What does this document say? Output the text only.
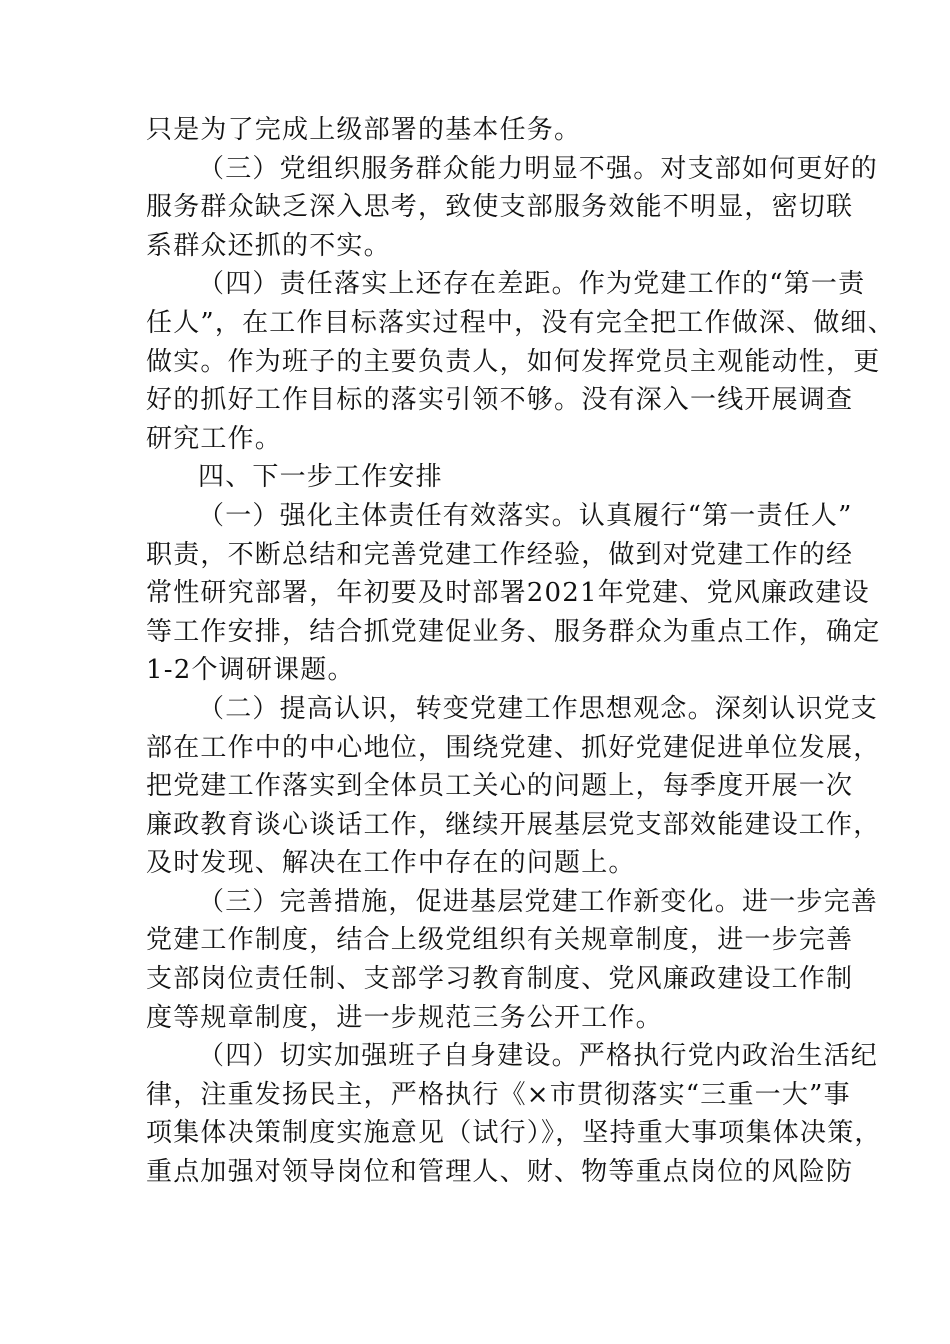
只是为了完成上级部署的基本任务。

（三）党组织服务群众能力明显不强。对支部如何更好的
服务群众缺乏深入思考，致使支部服务效能不明显，密切联
系群众还抓的不实。

（四）责任落实上还存在差距。作为党建工作的“第一责
任人”，在工作目标落实过程中，没有完全把工作做深、做细、
做实。作为班子的主要负责人，如何发挥党员主观能动性，更
好的抓好工作目标的落实引领不够。没有深入一线开展调查
研究工作。

四、下一步工作安排

（一）强化主体责任有效落实。认真履行“第一责任人”
职责，不断总结和完善党建工作经验，做到对党建工作的经
常性研究部署，年初要及时部署2021年党建、党风廉政建设
等工作安排，结合抓党建促业务、服务群众为重点工作，确定
1-2个调研课题。

（二）提高认识，转变党建工作思想观念。深刻认识党支
部在工作中的中心地位，围绕党建、抓好党建促进单位发展，
把党建工作落实到全体员工关心的问题上，每季度开展一次
廉政教育谈心谈话工作，继续开展基层党支部效能建设工作，
及时发现、解决在工作中存在的问题上。

（三）完善措施，促进基层党建工作新变化。进一步完善
党建工作制度，结合上级党组织有关规章制度，进一步完善
支部岗位责任制、支部学习教育制度、党风廉政建设工作制
度等规章制度，进一步规范三务公开工作。

（四）切实加强班子自身建设。严格执行党内政治生活纪
律，注重发扬民主，严格执行《×市贯彻落实“三重一大”事
项集体决策制度实施意见（试行）》，坚持重大事项集体决策，
重点加强对领导岗位和管理人、财、物等重点岗位的风险防
